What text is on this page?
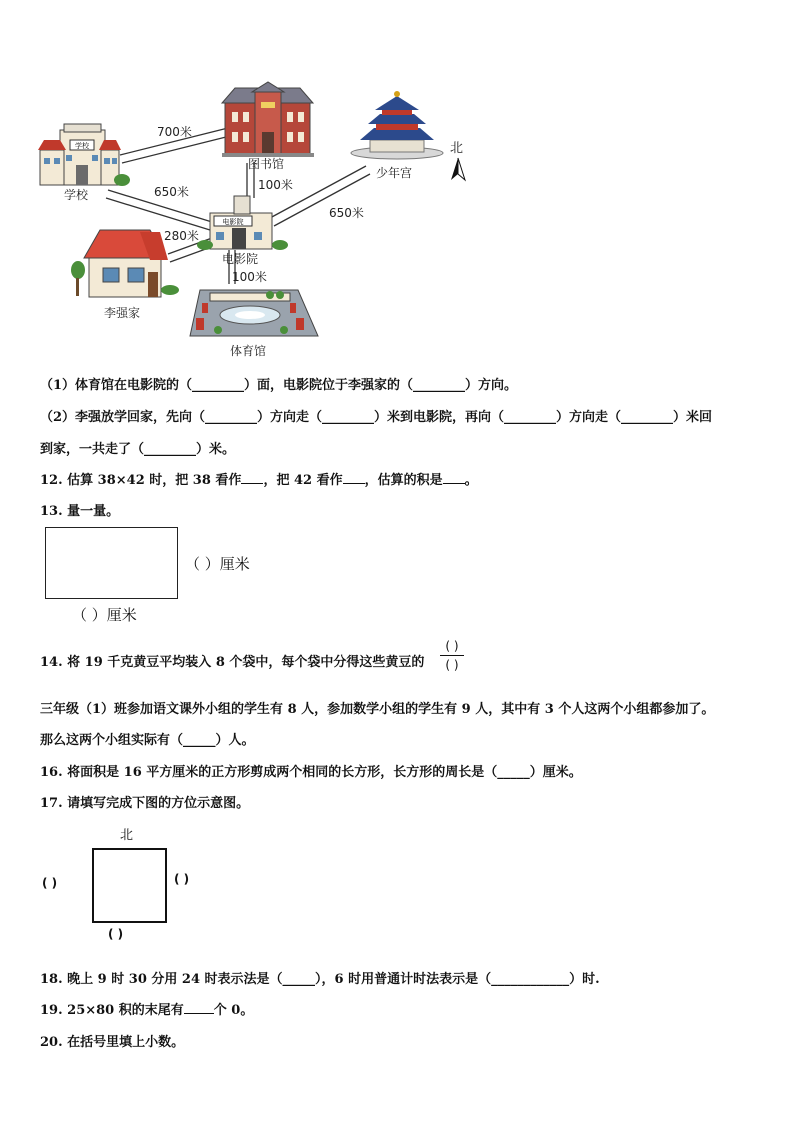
学校
电影院
学校
图书馆
少年宫
电影院
李强家
体育馆
北
700米
100米
650米
650米
280米
100米
（1）体育馆在电影院的（________）面，电影院位于李强家的（________）方向。
（2）李强放学回家，先向（________）方向走（________）米到电影院，再向（________）方向走（________）米回
到家，一共走了（________）米。
12. 估算 38×42 时，把 38 看作 ，把 42 看作 ，估算的积是 。
13. 量一量。
（ ）厘米
（ ）厘米
14. 将 19 千克黄豆平均装入 8 个袋中，每个袋中分得这些黄豆的
( )
( )
三年级（1）班参加语文课外小组的学生有 8 人，参加数学小组的学生有 9 人，其中有 3 个人这两个小组都参加了。
那么这两个小组实际有（_____）人。
16. 将面积是 16 平方厘米的正方形剪成两个相同的长方形，长方形的周长是（_____）厘米。
17. 请填写完成下图的方位示意图。
北
( )	( )
( )
18. 晚上 9 时 30 分用 24 时表示法是（_____），6 时用普通计时法表示是（____________）时.
19. 25×80 积的末尾有 个 0。
20. 在括号里填上小数。
